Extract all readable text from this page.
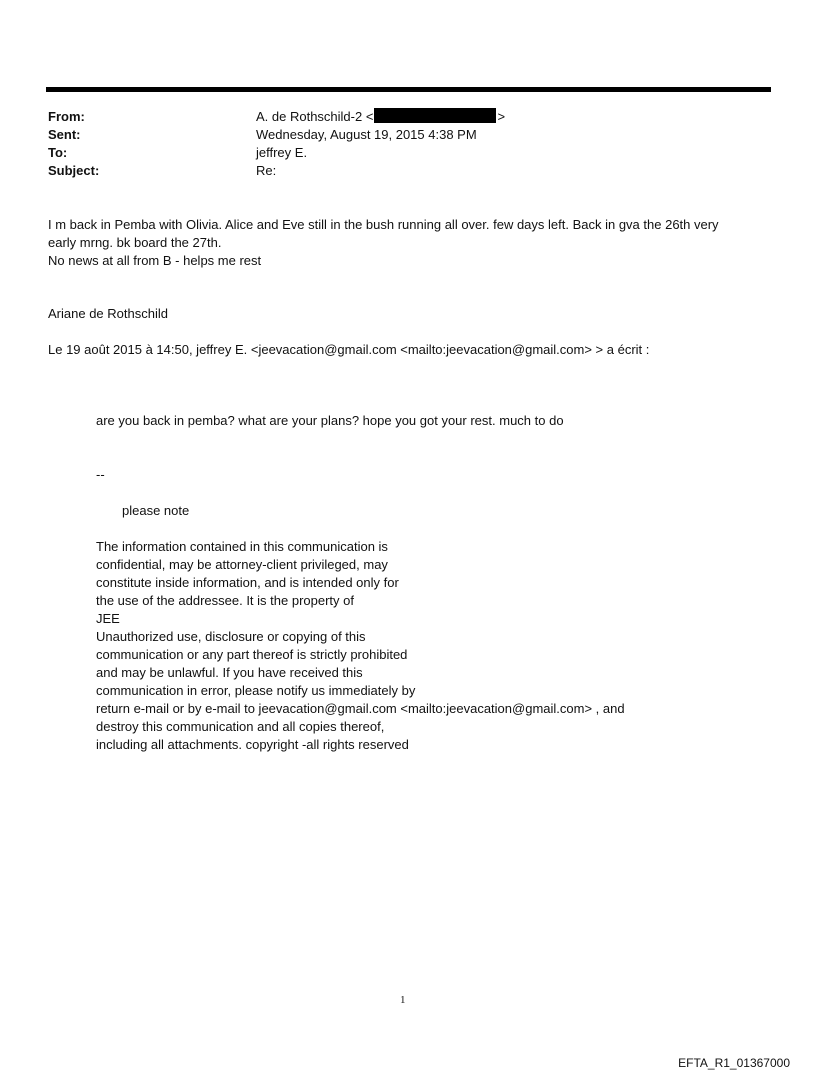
From:	A. de Rothschild-2 <	>
Sent:	Wednesday, August 19, 2015 4:38 PM
To:	jeffrey E.
Subject:	Re:
I m back in Pemba with Olivia. Alice and Eve still in the bush running all over. few days left. Back in gva the 26th very
early mrng. bk board the 27th.
No news at all from B - helps me rest
Ariane de Rothschild
Le 19 août 2015 à 14:50, jeffrey E. <jeevacation@gmail.com <mailto:jeevacation@gmail.com> > a écrit :
are you back in pemba? what are your plans? hope you got your rest. much to do
--
please note
The information contained in this communication is
confidential, may be attorney-client privileged, may
constitute inside information, and is intended only for
the use of the addressee. It is the property of
JEE
Unauthorized use, disclosure or copying of this
communication or any part thereof is strictly prohibited
and may be unlawful. If you have received this
communication in error, please notify us immediately by
return e-mail or by e-mail to jeevacation@gmail.com <mailto:jeevacation@gmail.com> , and
destroy this communication and all copies thereof,
including all attachments. copyright -all rights reserved
1
EFTA_R1_01367000
